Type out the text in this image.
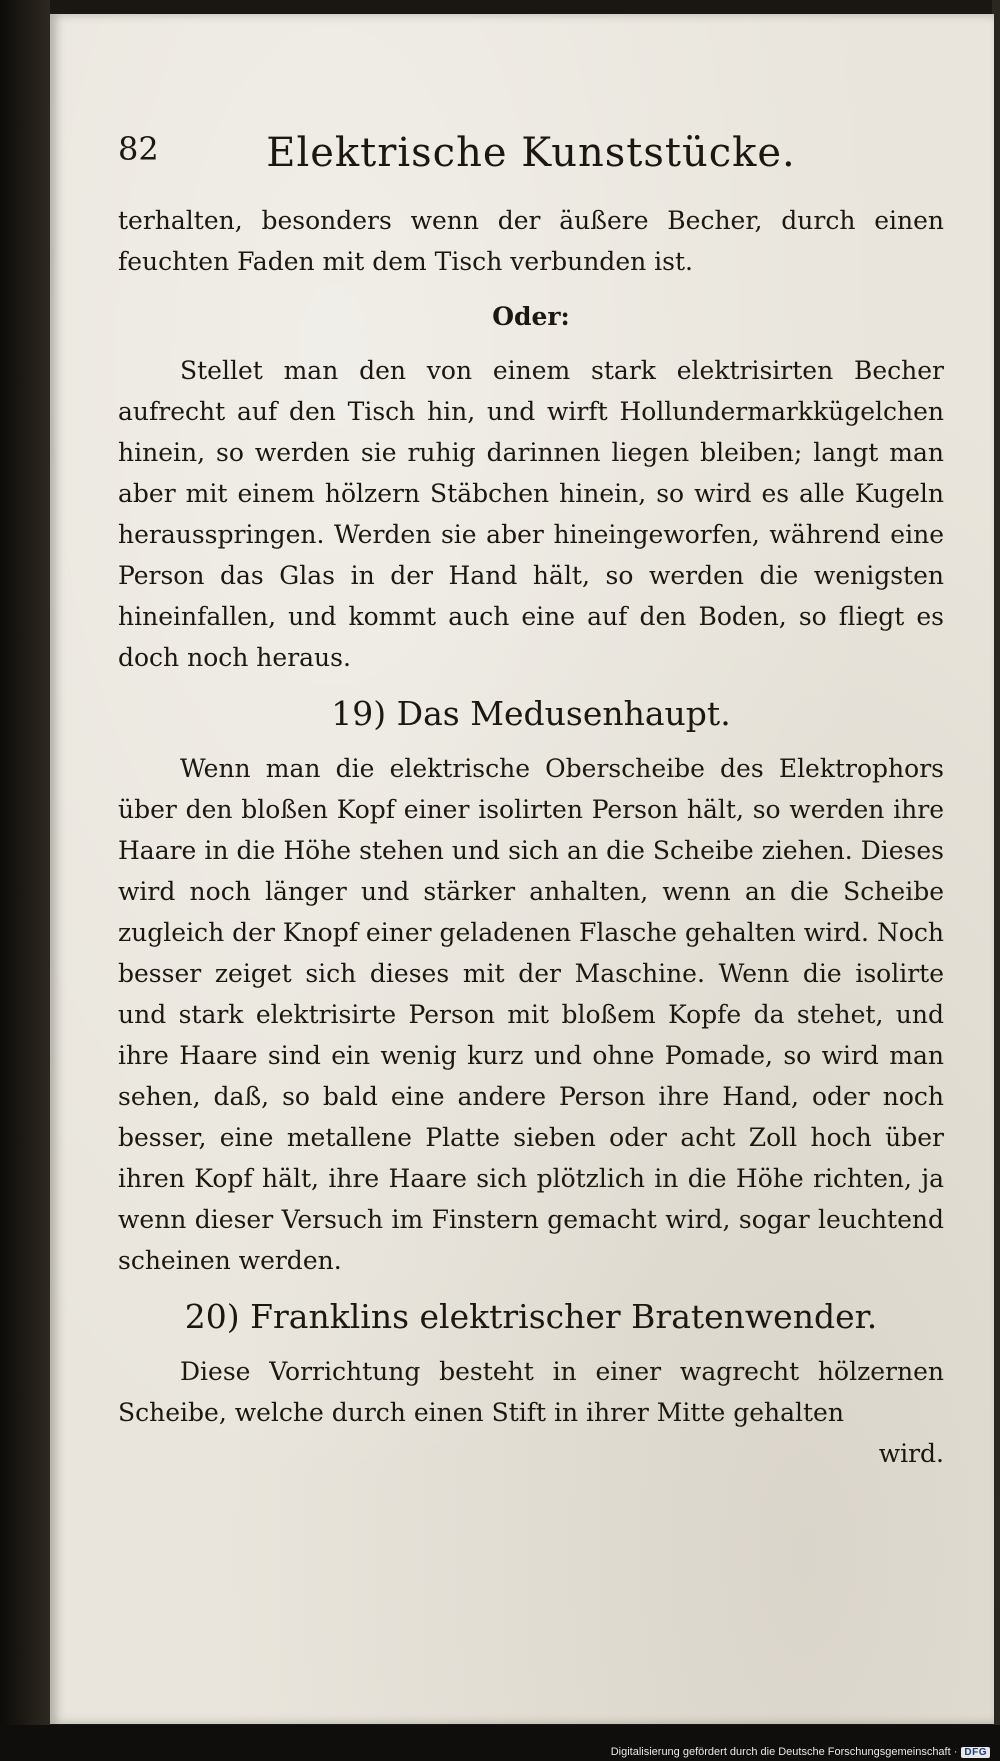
82	Elektrische Kunststücke.

terhalten, besonders wenn der äußere Becher, durch einen feuchten Faden mit dem Tisch verbunden ist.

Oder:

Stellet man den von einem stark elektrisirten Becher aufrecht auf den Tisch hin, und wirft Hollundermarkkügelchen hinein, so werden sie ruhig darinnen liegen bleiben; langt man aber mit einem hölzern Stäbchen hinein, so wird es alle Kugeln herausspringen. Werden sie aber hineingeworfen, während eine Person das Glas in der Hand hält, so werden die wenigsten hineinfallen, und kommt auch eine auf den Boden, so fliegt es doch noch heraus.

19) Das Medusenhaupt.

Wenn man die elektrische Oberscheibe des Elektrophors über den bloßen Kopf einer isolirten Person hält, so werden ihre Haare in die Höhe stehen und sich an die Scheibe ziehen. Dieses wird noch länger und stärker anhalten, wenn an die Scheibe zugleich der Knopf einer geladenen Flasche gehalten wird. Noch besser zeiget sich dieses mit der Maschine. Wenn die isolirte und stark elektrisirte Person mit bloßem Kopfe da stehet, und ihre Haare sind ein wenig kurz und ohne Pomade, so wird man sehen, daß, so bald eine andere Person ihre Hand, oder noch besser, eine metallene Platte sieben oder acht Zoll hoch über ihren Kopf hält, ihre Haare sich plötzlich in die Höhe richten, ja wenn dieser Versuch im Finstern gemacht wird, sogar leuchtend scheinen werden.

20) Franklins elektrischer Bratenwender.

Diese Vorrichtung besteht in einer wagrecht hölzernen Scheibe, welche durch einen Stift in ihrer Mitte gehalten

wird.

Digitalisierung gefördert durch die Deutsche Forschungsgemeinschaft · DFG
